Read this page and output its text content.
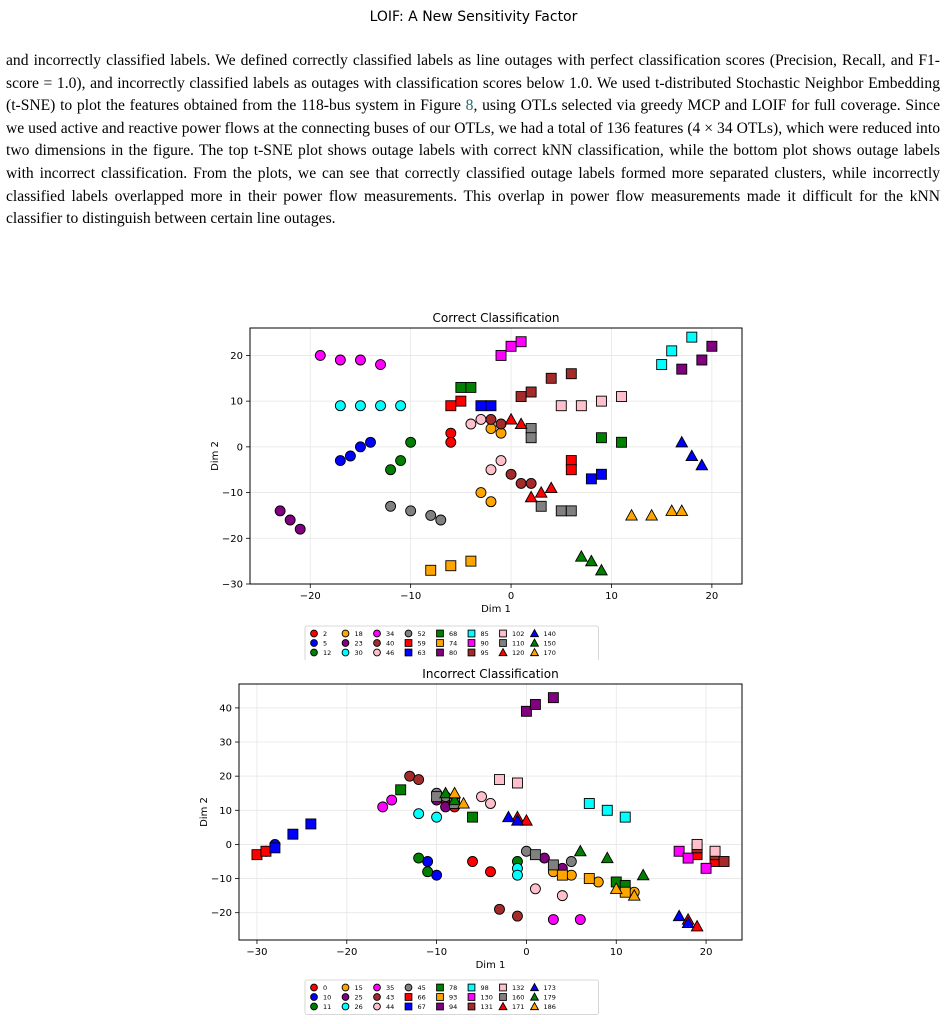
LOIF: A New Sensitivity Factor

and incorrectly classified labels. We defined correctly classified labels as line outages with perfect classification scores (Precision, Recall, and F1-score = 1.0), and incorrectly classified labels as outages with classification scores below 1.0. We used t-distributed Stochastic Neighbor Embedding (t-SNE) to plot the features obtained from the 118-bus system in Figure 8, using OTLs selected via greedy MCP and LOIF for full coverage. Since we used active and reactive power flows at the connecting buses of our OTLs, we had a total of 136 features (4 × 34 OTLs), which were reduced into two dimensions in the figure. The top t-SNE plot shows outage labels with correct kNN classification, while the bottom plot shows outage labels with incorrect classification. From the plots, we can see that correctly classified outage labels formed more separated clusters, while incorrectly classified labels overlapped more in their power flow measurements. This overlap in power flow measurements made it difficult for the kNN classifier to distinguish between certain line outages.

−20	−10	0	10	20
−30
−20
−10
0
10
20
Correct Classification
Dim 1
Dim 2
2
5
12
18
23
30
34
40
46
52
59
63
68
74
80
85
90
95
102
110
120
140
150
170
−30	−20	−10	0	10	20
−20
−10
0
10
20
30
40
Incorrect Classification
Dim 1
Dim 2
0
10
11
15
25
26
35
43
44
45
66
67
78
93
94
98
130
131
132
160
171
173
179
186
